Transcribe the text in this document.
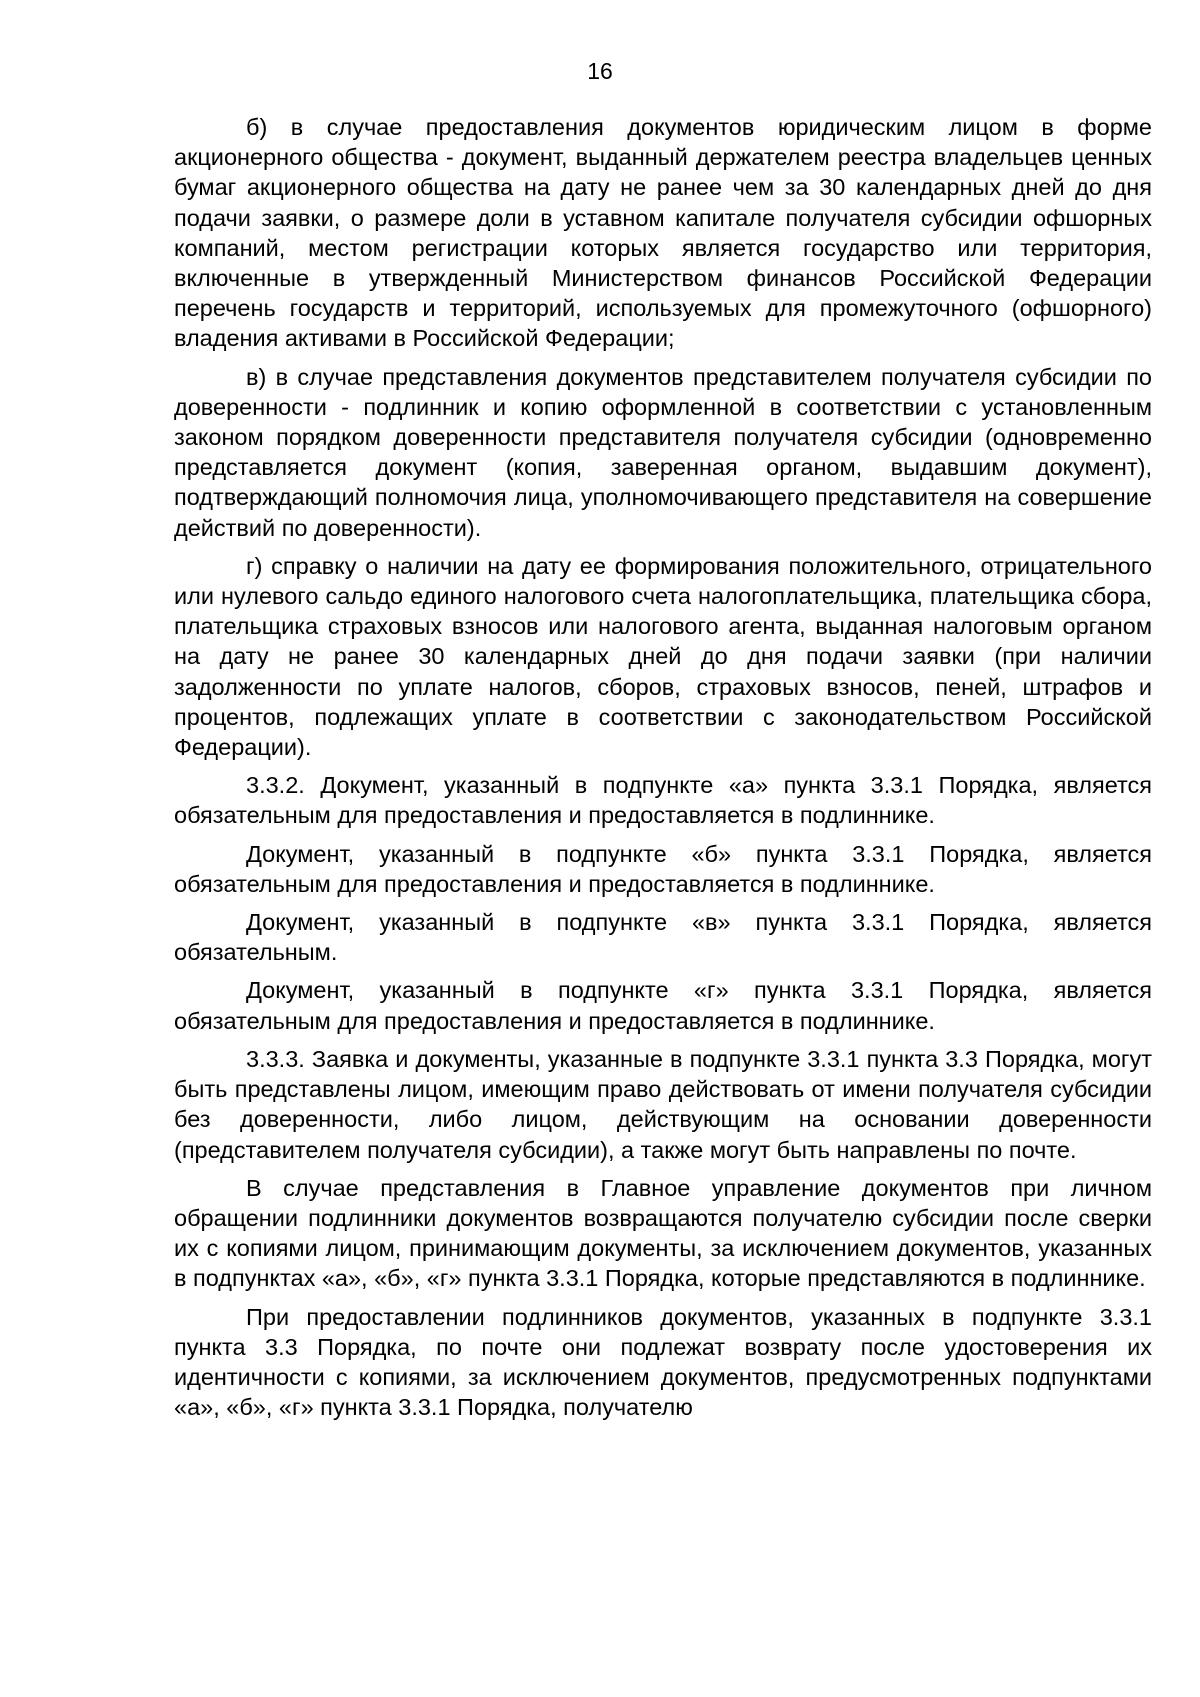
16

б) в случае предоставления документов юридическим лицом в форме акционерного общества - документ, выданный держателем реестра владельцев ценных бумаг акционерного общества на дату не ранее чем за 30 календарных дней до дня подачи заявки, о размере доли в уставном капитале получателя субсидии офшорных компаний, местом регистрации которых является государство или территория, включенные в утвержденный Министерством финансов Российской Федерации перечень государств и территорий, используемых для промежуточного (офшорного) владения активами в Российской Федерации;

в) в случае представления документов представителем получателя субсидии по доверенности - подлинник и копию оформленной в соответствии с установленным законом порядком доверенности представителя получателя субсидии (одновременно представляется документ (копия, заверенная органом, выдавшим документ), подтверждающий полномочия лица, уполномочивающего представителя на совершение действий по доверенности).

г) справку о наличии на дату ее формирования положительного, отрицательного или нулевого сальдо единого налогового счета налогоплательщика, плательщика сбора, плательщика страховых взносов или налогового агента, выданная налоговым органом на дату не ранее 30 календарных дней до дня подачи заявки (при наличии задолженности по уплате налогов, сборов, страховых взносов, пеней, штрафов и процентов, подлежащих уплате в соответствии с законодательством Российской Федерации).

3.3.2. Документ, указанный в подпункте «а» пункта 3.3.1 Порядка, является обязательным для предоставления и предоставляется в подлиннике.

Документ, указанный в подпункте «б» пункта 3.3.1 Порядка, является обязательным для предоставления и предоставляется в подлиннике.

Документ, указанный в подпункте «в» пункта 3.3.1 Порядка, является обязательным.

Документ, указанный в подпункте «г» пункта 3.3.1 Порядка, является обязательным для предоставления и предоставляется в подлиннике.

3.3.3. Заявка и документы, указанные в подпункте 3.3.1 пункта 3.3 Порядка, могут быть представлены лицом, имеющим право действовать от имени получателя субсидии без доверенности, либо лицом, действующим на основании доверенности (представителем получателя субсидии), а также могут быть направлены по почте.

В случае представления в Главное управление документов при личном обращении подлинники документов возвращаются получателю субсидии после сверки их с копиями лицом, принимающим документы, за исключением документов, указанных в подпунктах «а», «б», «г» пункта 3.3.1 Порядка, которые представляются в подлиннике.

При предоставлении подлинников документов, указанных в подпункте 3.3.1 пункта 3.3 Порядка, по почте они подлежат возврату после удостоверения их идентичности с копиями, за исключением документов, предусмотренных подпунктами «а», «б», «г» пункта 3.3.1 Порядка, получателю
